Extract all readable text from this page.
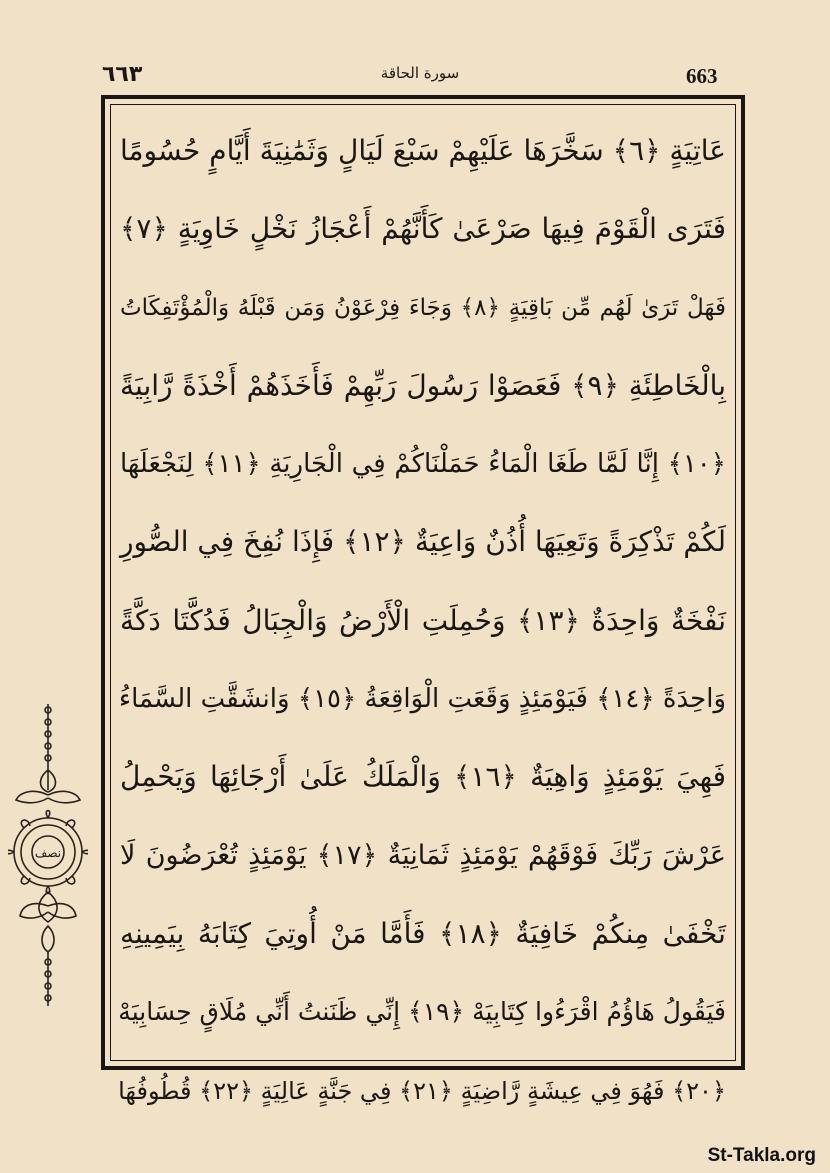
663
سورة الحاقة
٦٦٣
عَاتِيَةٍ ﴿٦﴾ سَخَّرَهَا عَلَيْهِمْ سَبْعَ لَيَالٍ وَثَمَٰنِيَةَ أَيَّامٍ حُسُومًا
فَتَرَى الْقَوْمَ فِيهَا صَرْعَىٰ كَأَنَّهُمْ أَعْجَازُ نَخْلٍ خَاوِيَةٍ ﴿٧﴾
فَهَلْ تَرَىٰ لَهُم مِّن بَاقِيَةٍ ﴿٨﴾ وَجَاءَ فِرْعَوْنُ وَمَن قَبْلَهُ وَالْمُؤْتَفِكَاتُ
بِالْخَاطِئَةِ ﴿٩﴾ فَعَصَوْا رَسُولَ رَبِّهِمْ فَأَخَذَهُمْ أَخْذَةً رَّابِيَةً
﴿١٠﴾ إِنَّا لَمَّا طَغَا الْمَاءُ حَمَلْنَاكُمْ فِي الْجَارِيَةِ ﴿١١﴾ لِنَجْعَلَهَا
لَكُمْ تَذْكِرَةً وَتَعِيَهَا أُذُنٌ وَاعِيَةٌ ﴿١٢﴾ فَإِذَا نُفِخَ فِي الصُّورِ
نَفْخَةٌ وَاحِدَةٌ ﴿١٣﴾ وَحُمِلَتِ الْأَرْضُ وَالْجِبَالُ فَدُكَّتَا دَكَّةً
وَاحِدَةً ﴿١٤﴾ فَيَوْمَئِذٍ وَقَعَتِ الْوَاقِعَةُ ﴿١٥﴾ وَانشَقَّتِ السَّمَاءُ
فَهِيَ يَوْمَئِذٍ وَاهِيَةٌ ﴿١٦﴾ وَالْمَلَكُ عَلَىٰ أَرْجَائِهَا وَيَحْمِلُ
عَرْشَ رَبِّكَ فَوْقَهُمْ يَوْمَئِذٍ ثَمَانِيَةٌ ﴿١٧﴾ يَوْمَئِذٍ تُعْرَضُونَ لَا
تَخْفَىٰ مِنكُمْ خَافِيَةٌ ﴿١٨﴾ فَأَمَّا مَنْ أُوتِيَ كِتَابَهُ بِيَمِينِهِ
فَيَقُولُ هَاؤُمُ اقْرَءُوا كِتَابِيَهْ ﴿١٩﴾ إِنِّي ظَنَنتُ أَنِّي مُلَاقٍ حِسَابِيَهْ
﴿٢٠﴾ فَهُوَ فِي عِيشَةٍ رَّاضِيَةٍ ﴿٢١﴾ فِي جَنَّةٍ عَالِيَةٍ ﴿٢٢﴾ قُطُوفُهَا
نصف
St-Takla.org
